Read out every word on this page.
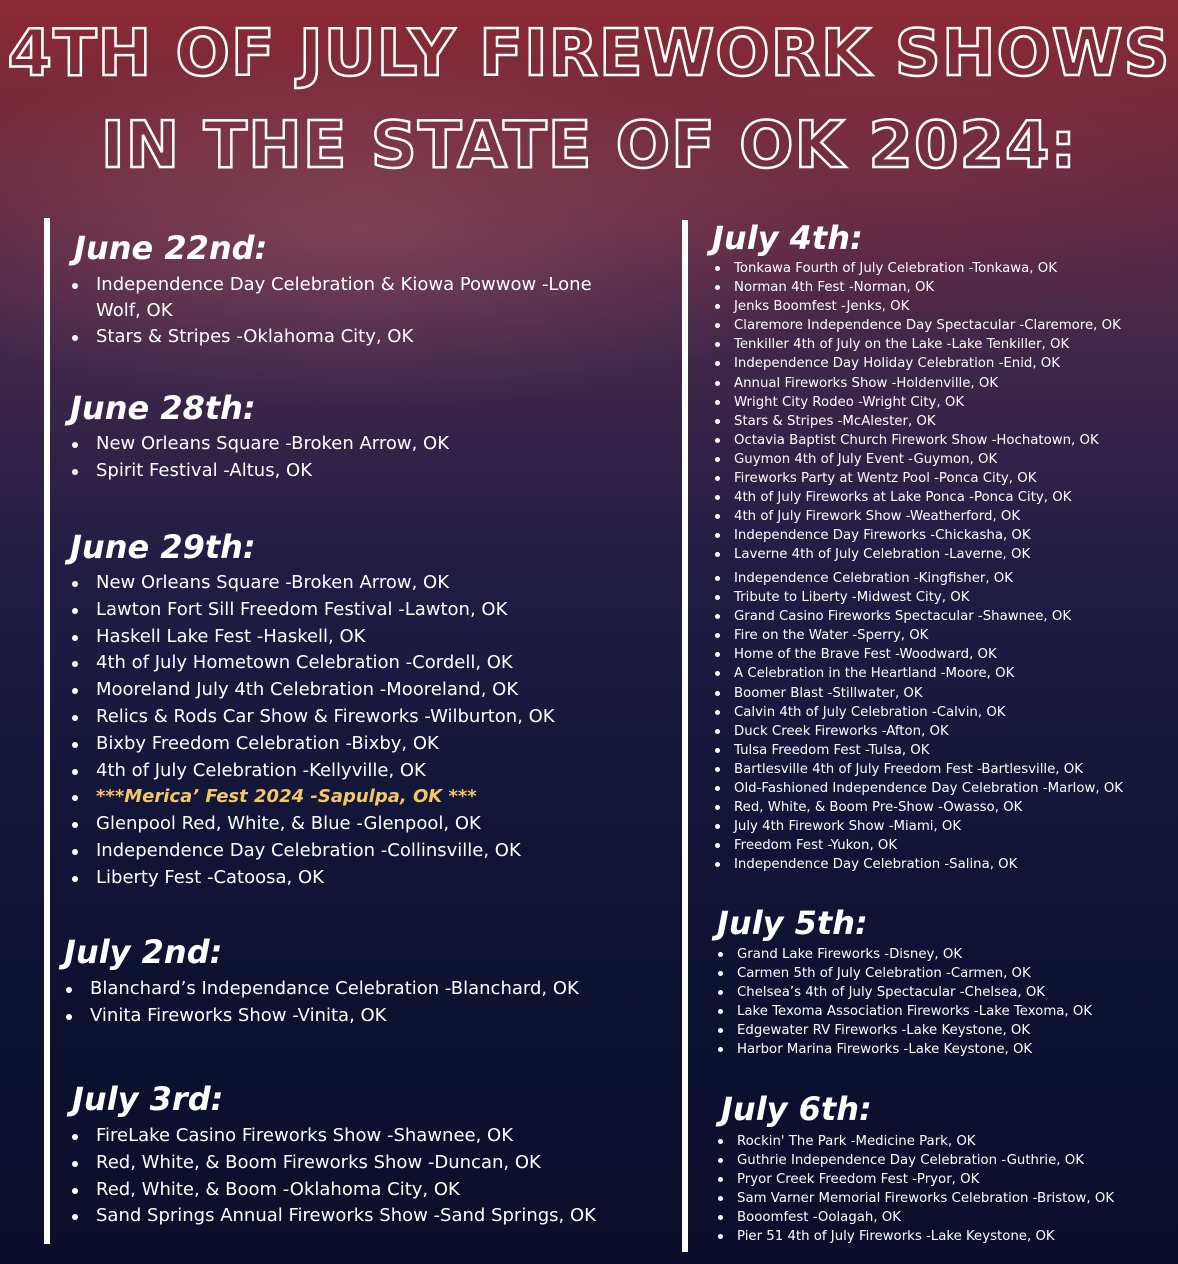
4TH OF JULY FIREWORK SHOWS
IN THE STATE OF OK 2024:
June 22nd:
Independence Day Celebration & Kiowa Powwow -Lone Wolf, OK
Stars & Stripes -Oklahoma City, OK
June 28th:
New Orleans Square -Broken Arrow, OK
Spirit Festival -Altus, OK
June 29th:
New Orleans Square -Broken Arrow, OK
Lawton Fort Sill Freedom Festival -Lawton, OK
Haskell Lake Fest -Haskell, OK
4th of July Hometown Celebration -Cordell, OK
Mooreland July 4th Celebration -Mooreland, OK
Relics & Rods Car Show & Fireworks -Wilburton, OK
Bixby Freedom Celebration -Bixby, OK
4th of July Celebration -Kellyville, OK
***Merica’ Fest 2024 -Sapulpa, OK ***
Glenpool Red, White, & Blue -Glenpool, OK
Independence Day Celebration -Collinsville, OK
Liberty Fest -Catoosa, OK
July 2nd:
Blanchard’s Independance Celebration -Blanchard, OK
Vinita Fireworks Show -Vinita, OK
July 3rd:
FireLake Casino Fireworks Show -Shawnee, OK
Red, White, & Boom Fireworks Show -Duncan, OK
Red, White, & Boom -Oklahoma City, OK
Sand Springs Annual Fireworks Show -Sand Springs, OK
July 4th:
Tonkawa Fourth of July Celebration -Tonkawa, OK
Norman 4th Fest -Norman, OK
Jenks Boomfest -Jenks, OK
Claremore Independence Day Spectacular -Claremore, OK
Tenkiller 4th of July on the Lake -Lake Tenkiller, OK
Independence Day Holiday Celebration -Enid, OK
Annual Fireworks Show -Holdenville, OK
Wright City Rodeo -Wright City, OK
Stars & Stripes -McAlester, OK
Octavia Baptist Church Firework Show -Hochatown, OK
Guymon 4th of July Event -Guymon, OK
Fireworks Party at Wentz Pool -Ponca City, OK
4th of July Fireworks at Lake Ponca -Ponca City, OK
4th of July Firework Show -Weatherford, OK
Independence Day Fireworks -Chickasha, OK
Laverne 4th of July Celebration -Laverne, OK
Independence Celebration -Kingfisher, OK
Tribute to Liberty -Midwest City, OK
Grand Casino Fireworks Spectacular -Shawnee, OK
Fire on the Water -Sperry, OK
Home of the Brave Fest -Woodward, OK
A Celebration in the Heartland -Moore, OK
Boomer Blast -Stillwater, OK
Calvin 4th of July Celebration -Calvin, OK
Duck Creek Fireworks -Afton, OK
Tulsa Freedom Fest -Tulsa, OK
Bartlesville 4th of July Freedom Fest -Bartlesville, OK
Old-Fashioned Independence Day Celebration -Marlow, OK
Red, White, & Boom Pre-Show -Owasso, OK
July 4th Firework Show -Miami, OK
Freedom Fest -Yukon, OK
Independence Day Celebration -Salina, OK
July 5th:
Grand Lake Fireworks -Disney, OK
Carmen 5th of July Celebration -Carmen, OK
Chelsea’s 4th of July Spectacular -Chelsea, OK
Lake Texoma Association Fireworks -Lake Texoma, OK
Edgewater RV Fireworks -Lake Keystone, OK
Harbor Marina Fireworks -Lake Keystone, OK
July 6th:
Rockin' The Park -Medicine Park, OK
Guthrie Independence Day Celebration -Guthrie, OK
Pryor Creek Freedom Fest -Pryor, OK
Sam Varner Memorial Fireworks Celebration -Bristow, OK
Booomfest -Oolagah, OK
Pier 51 4th of July Fireworks -Lake Keystone, OK
